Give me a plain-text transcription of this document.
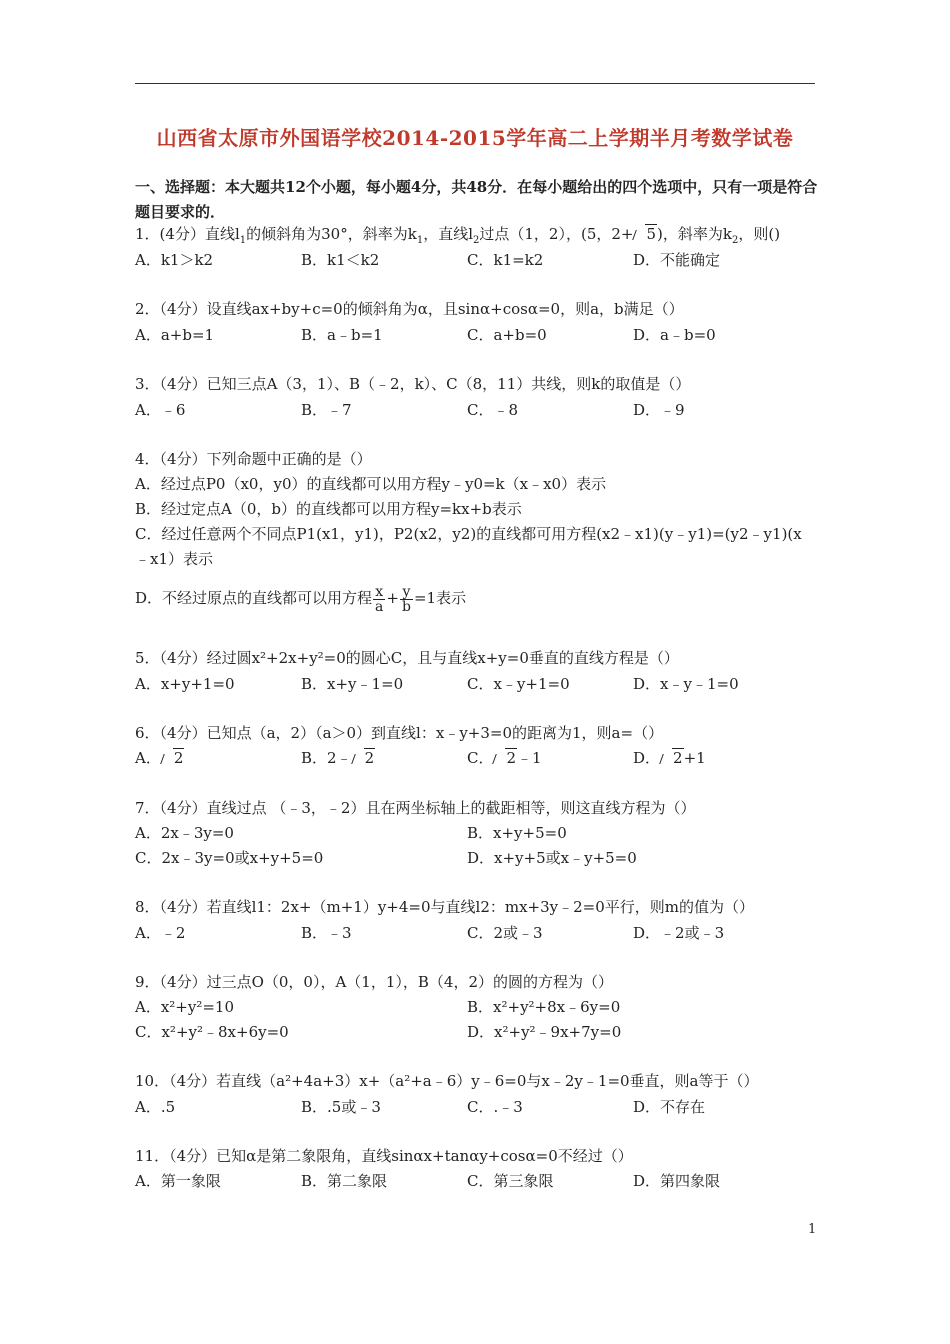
山西省太原市外国语学校2014-2015学年高二上学期半月考数学试卷
一、选择题：本大题共12个小题，每小题4分，共48分．在每小题给出的四个选项中，只有一项是符合题目要求的．
1．(4分）直线$l_1$的倾斜角为30°，斜率为$k_1$，直线$l_2$过点（1，2），(5，2+ 5)，斜率为$k_2$，则()
A．k1＞k2	B．k1＜k2	C．k1=k2	D．不能确定
2．（4分）设直线ax+by+c=0的倾斜角为α，且sinα+cosα=0，则a，b满足（）
A．a+b=1	B．a﹣b=1	C．a+b=0	D．a﹣b=0
3．（4分）已知三点A（3，1）、B（﹣2，k）、C（8，11）共线，则k的取值是（）
A．﹣6	B．﹣7	C．﹣8	D．﹣9
4．（4分）下列命题中正确的是（）
A．经过点P0（x0，y0）的直线都可以用方程y﹣y0=k（x﹣x0）表示
B．经过定点A（0，b）的直线都可以用方程y=kx+b表示
C．经过任意两个不同点P1(x1，y1)，P2(x2，y2)的直线都可用方程(x2﹣x1)(y﹣y1)=(y2﹣y1)(x
﹣x1）表示
D．不经过原点的直线都可以用方程 $\frac{x}{a} + \frac{y}{b} =1$表示
5．（4分）经过圆x²+2x+y²=0的圆心C，且与直线x+y=0垂直的直线方程是（）
A．x+y+1=0	B．x+y﹣1=0	C．x﹣y+1=0	D．x﹣y﹣1=0
6．（4分）已知点（a，2）（a＞0）到直线l：x﹣y+3=0的距离为1，则a=（）
A． 2	B．2﹣ 2	C． 2﹣1	D． 2+1
7．（4分）直线过点 （﹣3，﹣2）且在两坐标轴上的截距相等，则这直线方程为（）
A．2x﹣3y=0	B．x+y+5=0
C．2x﹣3y=0或x+y+5=0	D．x+y+5或x﹣y+5=0
8．（4分）若直线l1：2x+（m+1）y+4=0与直线l2：mx+3y﹣2=0平行，则m的值为（）
A．﹣2	B．﹣3	C．2或﹣3	D．﹣2或﹣3
9．（4分）过三点O（0，0），A（1，1），B（4，2）的圆的方程为（）
A．x²+y²=10	B．x²+y²+8x﹣6y=0
C．x²+y²﹣8x+6y=0	D．x²+y²﹣9x+7y=0
10．（4分）若直线（a²+4a+3）x+（a²+a﹣6）y﹣6=0与x﹣2y﹣1=0垂直，则a等于（）
A．.5	B．.5或﹣3	C．.﹣3	D．不存在
11．（4分）已知α是第二象限角，直线sinαx+tanαy+cosα=0不经过（）
A．第一象限	B．第二象限	C．第三象限	D．第四象限
1
